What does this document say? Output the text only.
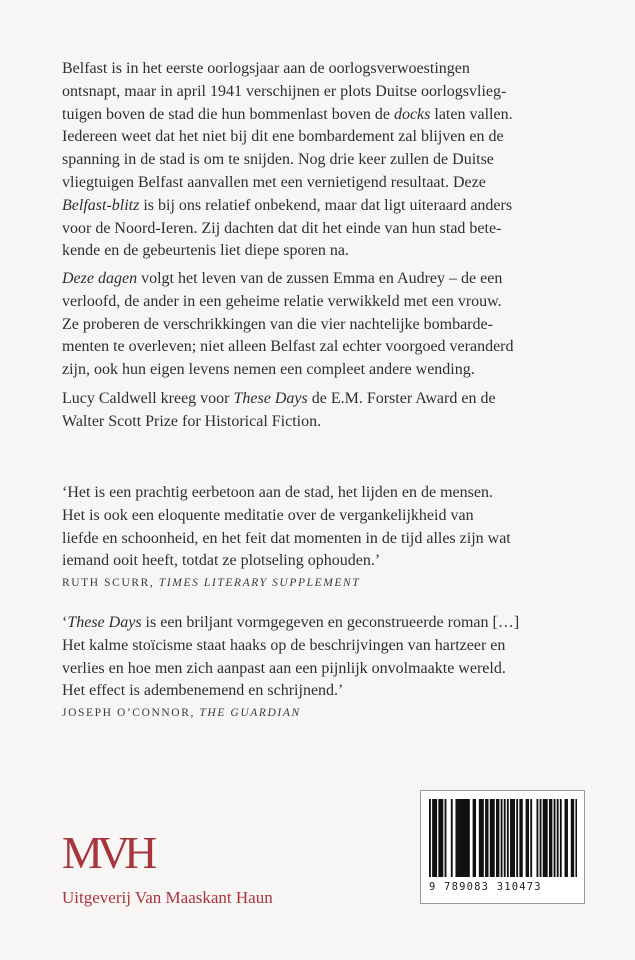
Belfast is in het eerste oorlogsjaar aan de oorlogsverwoestingen
ontsnapt, maar in april 1941 verschijnen er plots Duitse oorlogsvlieg-
tuigen boven de stad die hun bommenlast boven de docks laten vallen.
Iedereen weet dat het niet bij dit ene bombardement zal blijven en de
spanning in de stad is om te snijden. Nog drie keer zullen de Duitse
vliegtuigen Belfast aanvallen met een vernietigend resultaat. Deze
Belfast-blitz is bij ons relatief onbekend, maar dat ligt uiteraard anders
voor de Noord-Ieren. Zij dachten dat dit het einde van hun stad bete-
kende en de gebeurtenis liet diepe sporen na.
Deze dagen volgt het leven van de zussen Emma en Audrey – de een
verloofd, de ander in een geheime relatie verwikkeld met een vrouw.
Ze proberen de verschrikkingen van die vier nachtelijke bombarde-
menten te overleven; niet alleen Belfast zal echter voorgoed veranderd
zijn, ook hun eigen levens nemen een compleet andere wending.
Lucy Caldwell kreeg voor These Days de E.M. Forster Award en de
Walter Scott Prize for Historical Fiction.
‘Het is een prachtig eerbetoon aan de stad, het lijden en de mensen.
Het is ook een eloquente meditatie over de vergankelijkheid van
liefde en schoonheid, en het feit dat momenten in de tijd alles zijn wat
iemand ooit heeft, totdat ze plotseling ophouden.’
RUTH SCURR, TIMES LITERARY SUPPLEMENT
‘These Days is een briljant vormgegeven en geconstrueerde roman […]
Het kalme stoïcisme staat haaks op de beschrijvingen van hartzeer en
verlies en hoe men zich aanpast aan een pijnlijk onvolmaakte wereld.
Het effect is adembenemend en schrijnend.’
JOSEPH O’CONNOR, THE GUARDIAN
MVH
Uitgeverij Van Maaskant Haun
9 789083 310473
